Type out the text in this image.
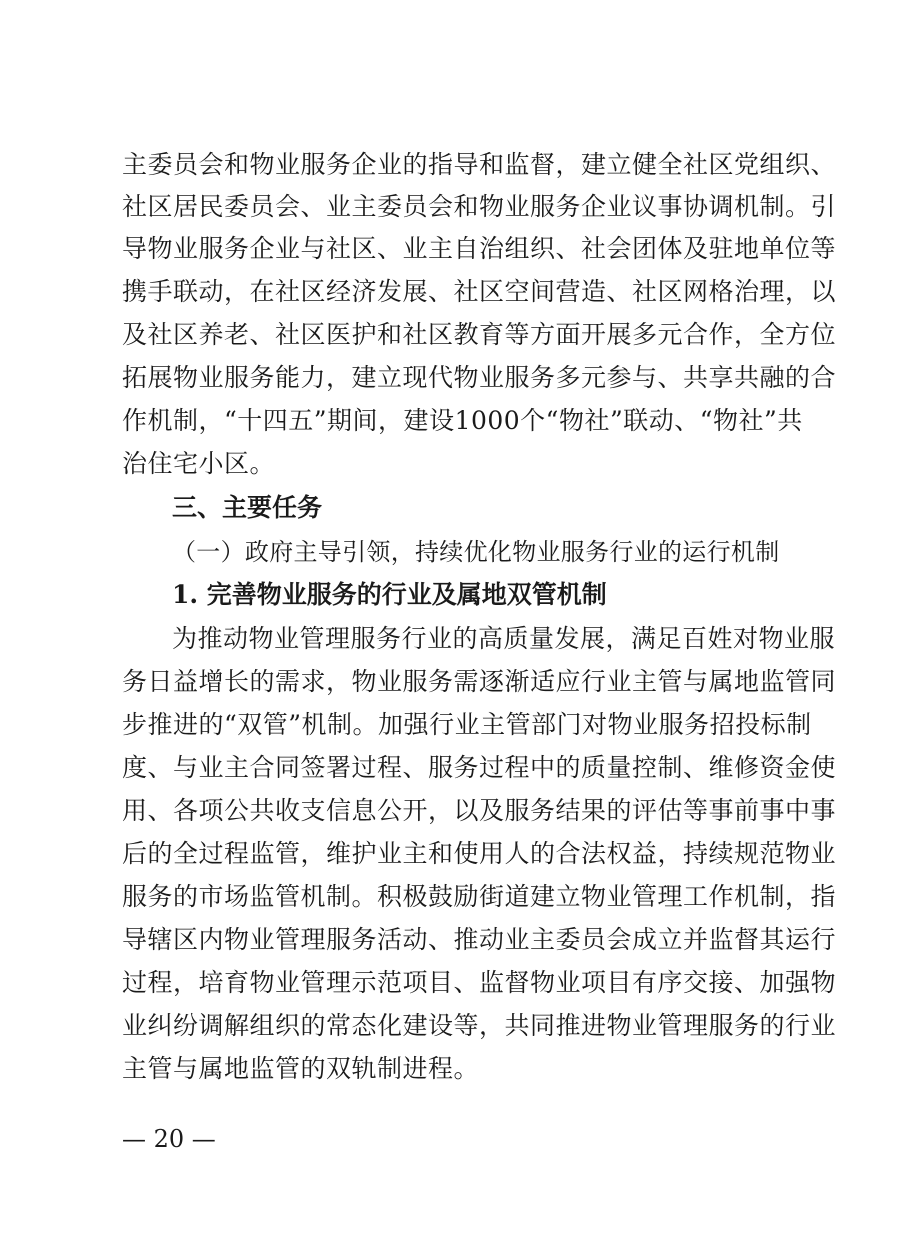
主委员会和物业服务企业的指导和监督，建立健全社区党组织、
社区居民委员会、业主委员会和物业服务企业议事协调机制。引
导物业服务企业与社区、业主自治组织、社会团体及驻地单位等
携手联动，在社区经济发展、社区空间营造、社区网格治理，以
及社区养老、社区医护和社区教育等方面开展多元合作，全方位
拓展物业服务能力，建立现代物业服务多元参与、共享共融的合
作机制，“十四五”期间，建设1000个“物社”联动、“物社”共
治住宅小区。
三、主要任务
（一）政府主导引领，持续优化物业服务行业的运行机制
1. 完善物业服务的行业及属地双管机制
为推动物业管理服务行业的高质量发展，满足百姓对物业服
务日益增长的需求，物业服务需逐渐适应行业主管与属地监管同
步推进的“双管”机制。加强行业主管部门对物业服务招投标制
度、与业主合同签署过程、服务过程中的质量控制、维修资金使
用、各项公共收支信息公开，以及服务结果的评估等事前事中事
后的全过程监管，维护业主和使用人的合法权益，持续规范物业
服务的市场监管机制。积极鼓励街道建立物业管理工作机制，指
导辖区内物业管理服务活动、推动业主委员会成立并监督其运行
过程，培育物业管理示范项目、监督物业项目有序交接、加强物
业纠纷调解组织的常态化建设等，共同推进物业管理服务的行业
主管与属地监管的双轨制进程。
— 20 —
